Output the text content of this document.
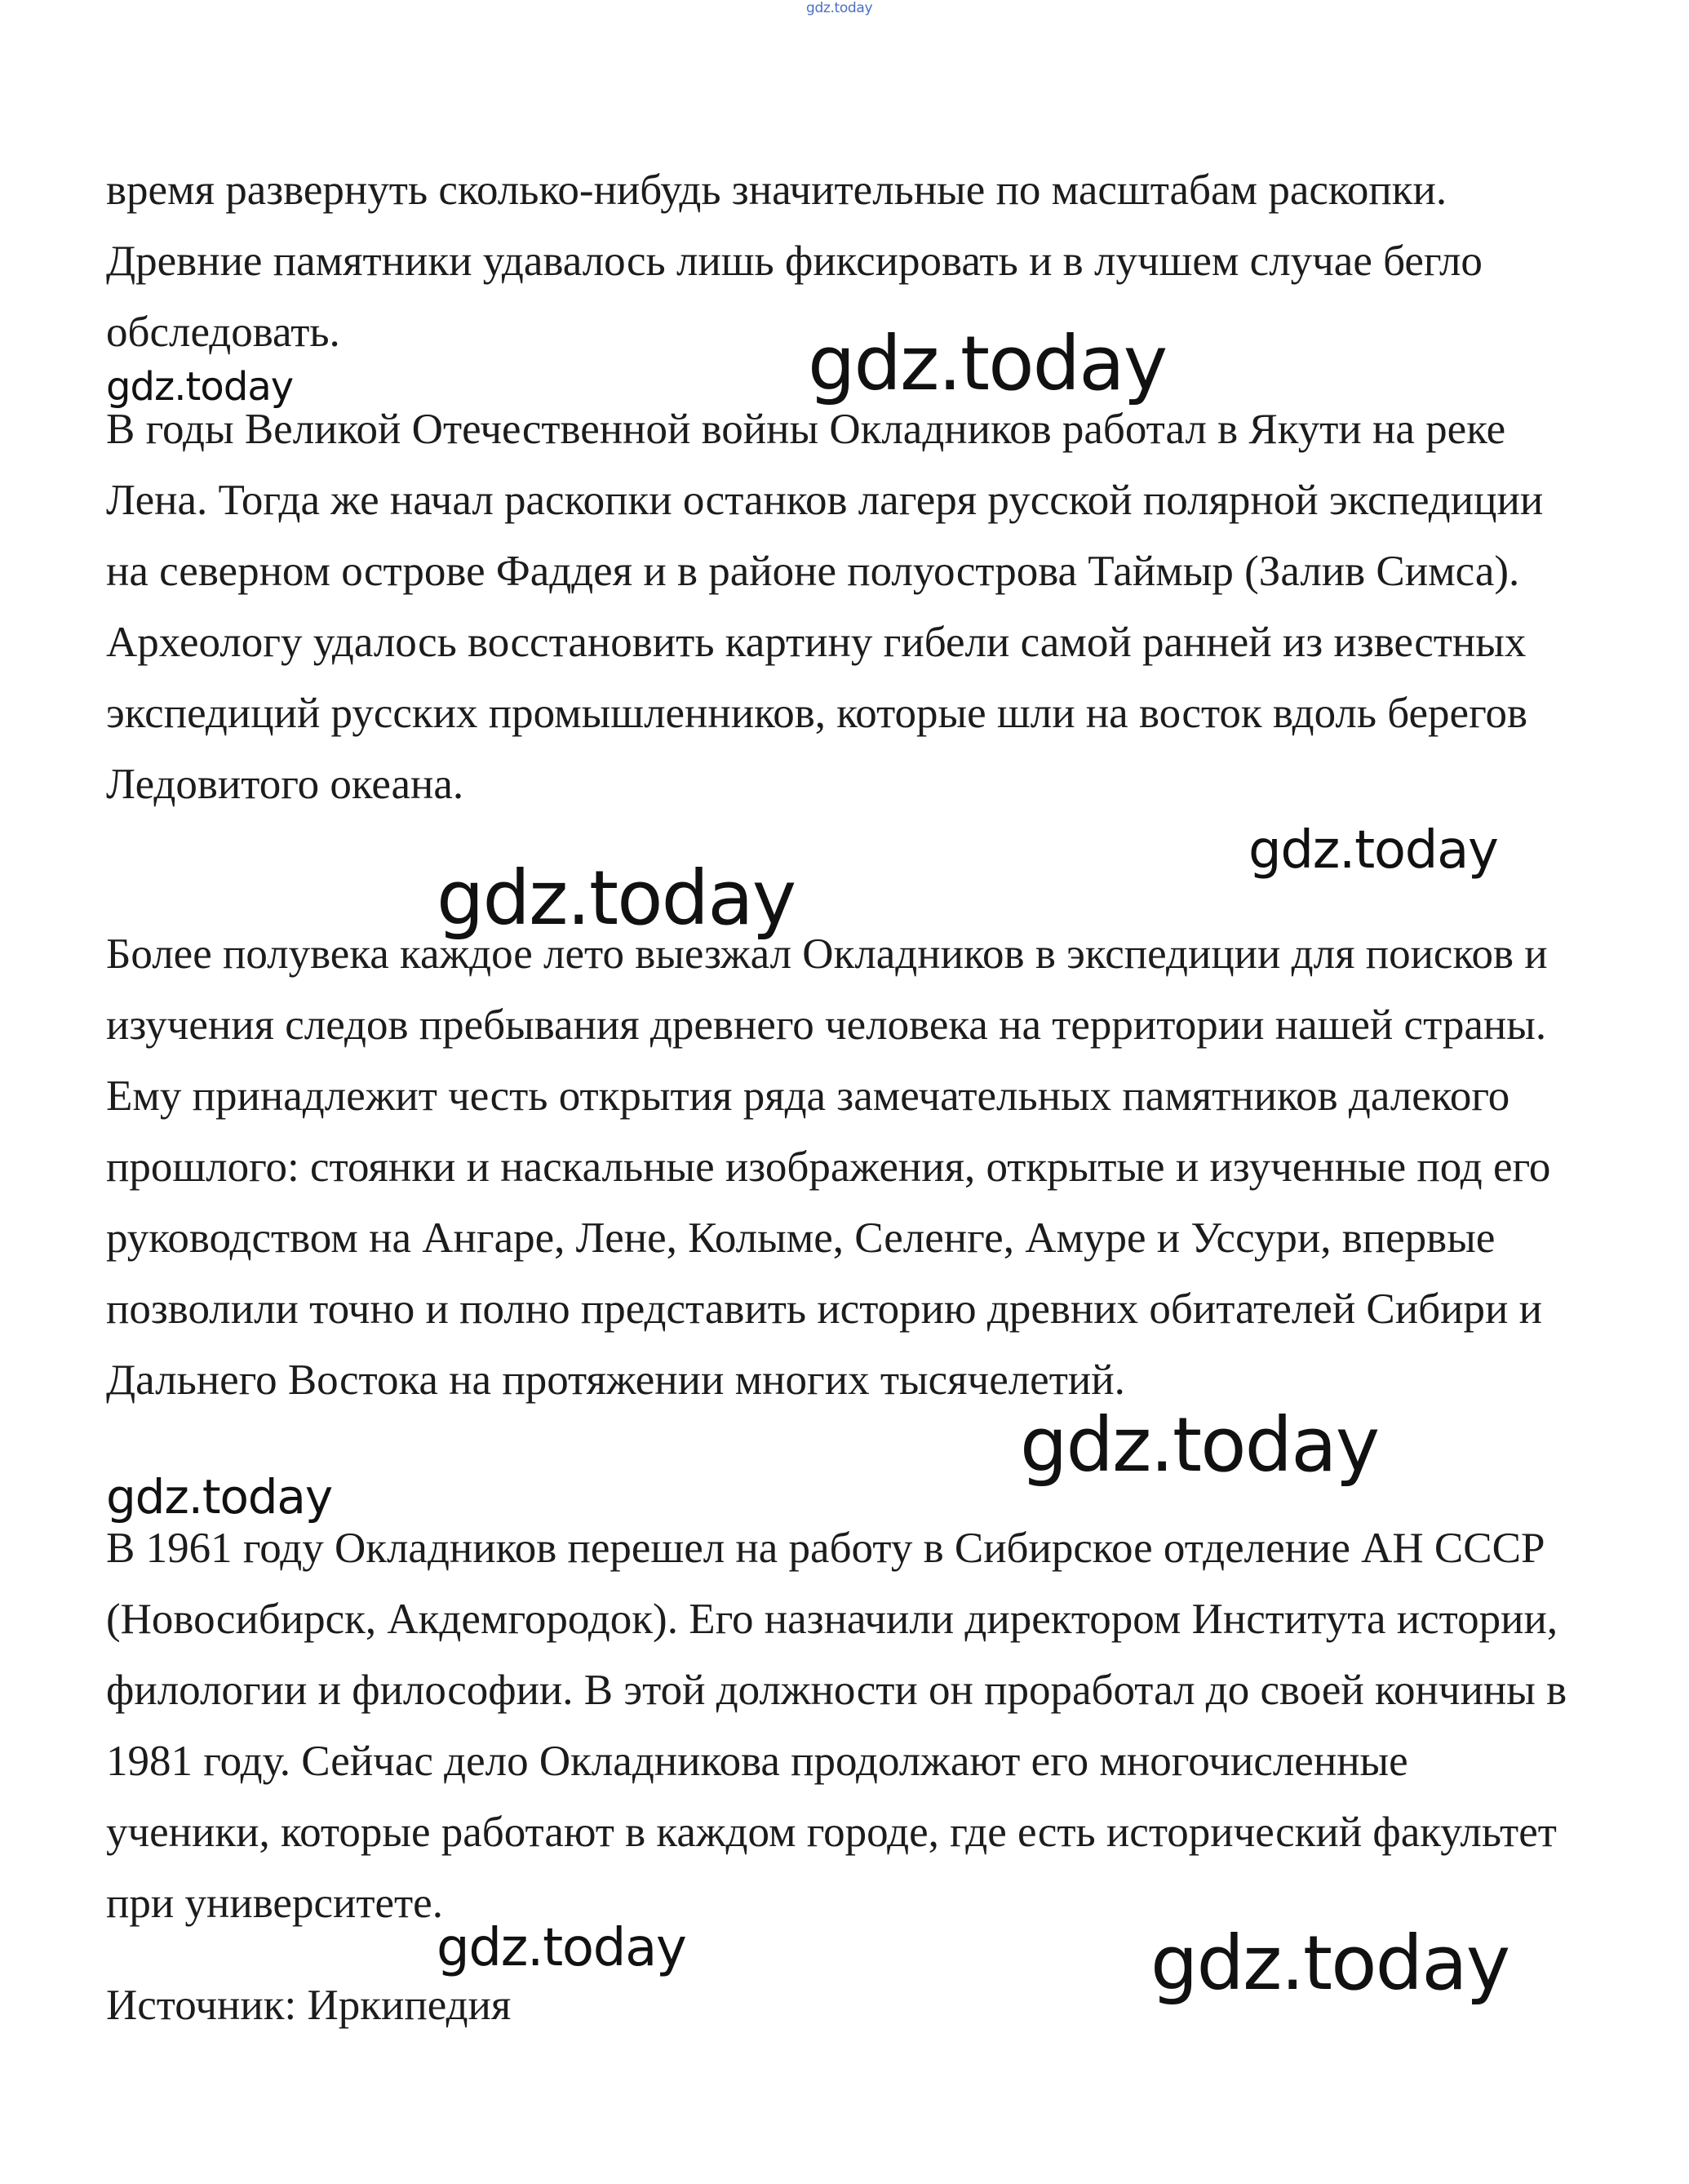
gdz.today

время развернуть сколько-нибудь значительные по масштабам раскопки. Древние памятники удавалось лишь фиксировать и в лучшем случае бегло обследовать.

В годы Великой Отечественной войны Окладников работал в Якути на реке Лена. Тогда же начал раскопки останков лагеря русской полярной экспедиции на северном острове Фаддея и в районе полуострова Таймыр (Залив Симса). Археологу удалось восстановить картину гибели самой ранней из известных экспедиций русских промышленников, которые шли на восток вдоль берегов Ледовитого океана.

Более полувека каждое лето выезжал Окладников в экспедиции для поисков и изучения следов пребывания древнего человека на территории нашей страны. Ему принадлежит честь открытия ряда замечательных памятников далекого прошлого: стоянки и наскальные изображения, открытые и изученные под его руководством на Ангаре, Лене, Колыме, Селенге, Амуре и Уссури, впервые позволили точно и полно представить историю древних обитателей Сибири и Дальнего Востока на протяжении многих тысячелетий.

В 1961 году Окладников перешел на работу в Сибирское отделение АН СССР (Новосибирск, Акдемгородок). Его назначили директором Института истории, филологии и философии. В этой должности он проработал до своей кончины в 1981 году. Сейчас дело Окладникова продолжают его многочисленные ученики, которые работают в каждом городе, где есть исторический факультет при университете.

Источник: Иркипедия

gdz.today
gdz.today
gdz.today
gdz.today
gdz.today
gdz.today
gdz.today	gdz.today
